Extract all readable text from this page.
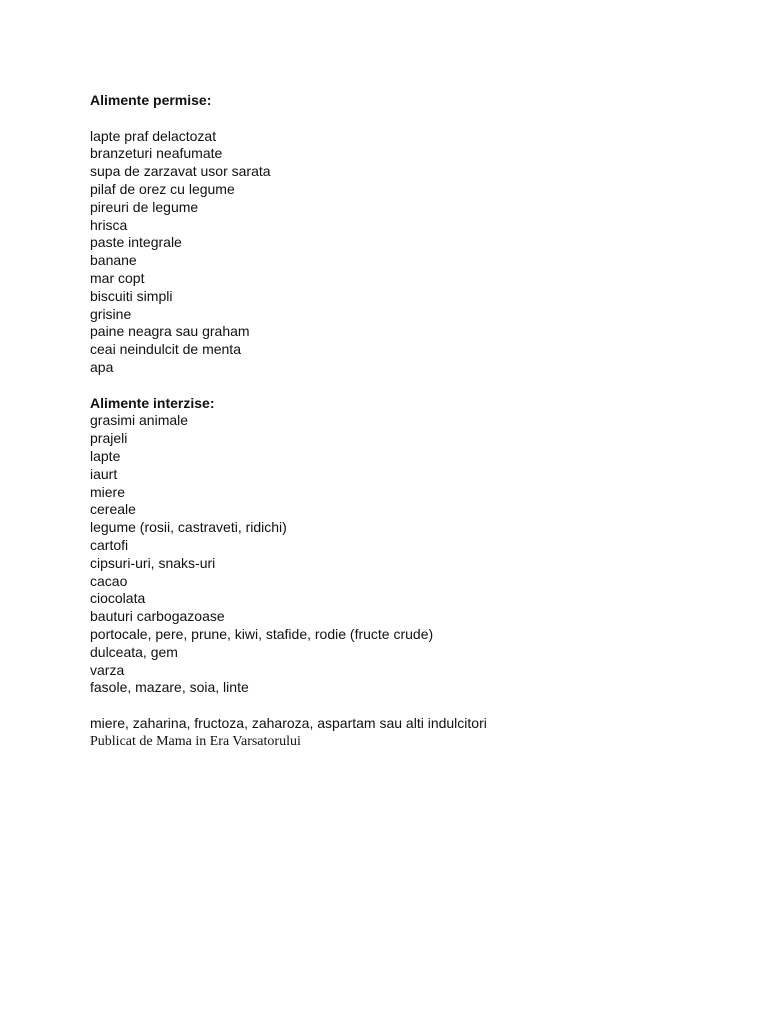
Alimente permise:

lapte praf delactozat
branzeturi neafumate
supa de zarzavat usor sarata
pilaf de orez cu legume
pireuri de legume
hrisca
paste integrale
banane
mar copt
biscuiti simpli
grisine
paine neagra sau graham
ceai neindulcit de menta
apa

Alimente interzise:

grasimi animale
prajeli
lapte
iaurt
miere
cereale
legume (rosii, castraveti, ridichi)
cartofi
cipsuri-uri, snaks-uri
cacao
ciocolata
bauturi carbogazoase
portocale, pere, prune, kiwi, stafide, rodie (fructe crude)
dulceata, gem
varza
fasole, mazare, soia, linte
miere, zaharina, fructoza, zaharoza, aspartam sau alti indulcitori
Publicat de Mama in Era Varsatorului
